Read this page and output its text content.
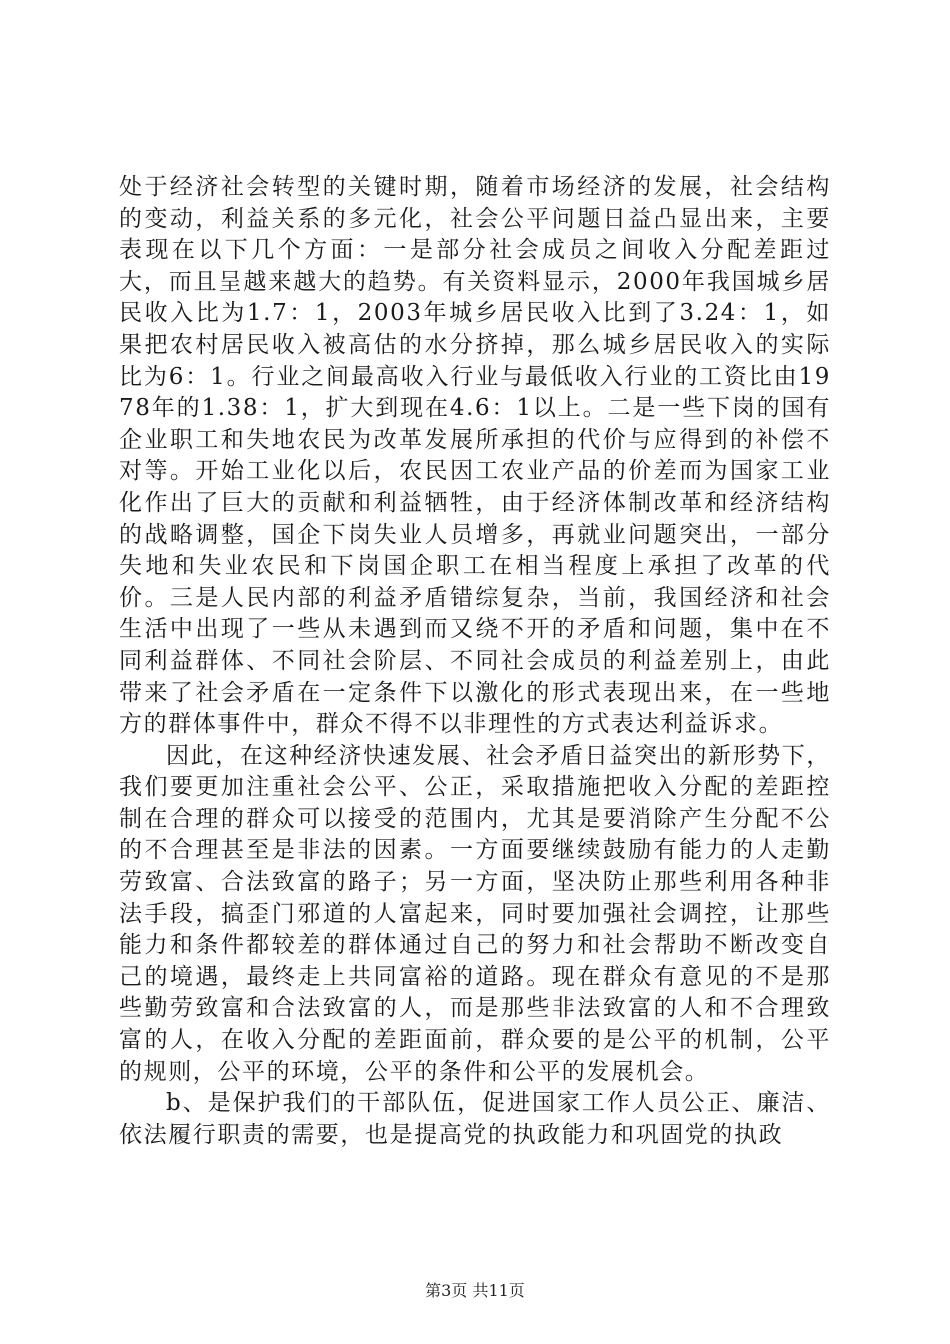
处于经济社会转型的关键时期，随着市场经济的发展，社会结构的变动，利益关系的多元化，社会公平问题日益凸显出来，主要表现在以下几个方面：一是部分社会成员之间收入分配差距过大，而且呈越来越大的趋势。有关资料显示，2000年我国城乡居民收入比为1.7：1，2003年城乡居民收入比到了3.24：1，如果把农村居民收入被高估的水分挤掉，那么城乡居民收入的实际比为6：1。行业之间最高收入行业与最低收入行业的工资比由1978年的1.38：1，扩大到现在4.6：1以上。二是一些下岗的国有企业职工和失地农民为改革发展所承担的代价与应得到的补偿不对等。开始工业化以后，农民因工农业产品的价差而为国家工业化作出了巨大的贡献和利益牺牲，由于经济体制改革和经济结构的战略调整，国企下岗失业人员增多，再就业问题突出，一部分失地和失业农民和下岗国企职工在相当程度上承担了改革的代价。三是人民内部的利益矛盾错综复杂，当前，我国经济和社会生活中出现了一些从未遇到而又绕不开的矛盾和问题，集中在不同利益群体、不同社会阶层、不同社会成员的利益差别上，由此带来了社会矛盾在一定条件下以激化的形式表现出来，在一些地方的群体事件中，群众不得不以非理性的方式表达利益诉求。

因此，在这种经济快速发展、社会矛盾日益突出的新形势下，我们要更加注重社会公平、公正，采取措施把收入分配的差距控制在合理的群众可以接受的范围内，尤其是要消除产生分配不公的不合理甚至是非法的因素。一方面要继续鼓励有能力的人走勤劳致富、合法致富的路子；另一方面，坚决防止那些利用各种非法手段，搞歪门邪道的人富起来，同时要加强社会调控，让那些能力和条件都较差的群体通过自己的努力和社会帮助不断改变自己的境遇，最终走上共同富裕的道路。现在群众有意见的不是那些勤劳致富和合法致富的人，而是那些非法致富的人和不合理致富的人，在收入分配的差距面前，群众要的是公平的机制，公平的规则，公平的环境，公平的条件和公平的发展机会。

b、是保护我们的干部队伍，促进国家工作人员公正、廉洁、依法履行职责的需要，也是提高党的执政能力和巩固党的执政

第3页 共11页
